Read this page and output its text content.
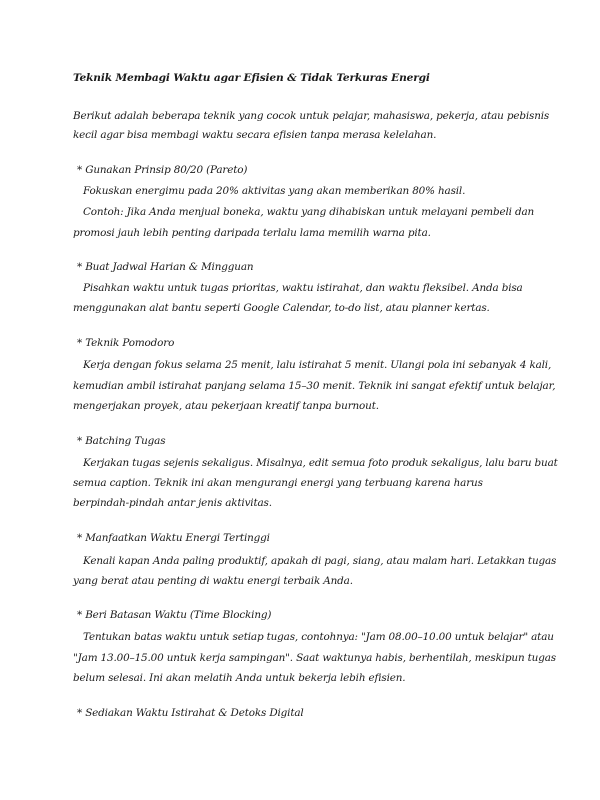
Teknik Membagi Waktu agar Efisien & Tidak Terkuras Energi
Berikut adalah beberapa teknik yang cocok untuk pelajar, mahasiswa, pekerja, atau pebisnis
kecil agar bisa membagi waktu secara efisien tanpa merasa kelelahan.
* Gunakan Prinsip 80/20 (Pareto)
Fokuskan energimu pada 20% aktivitas yang akan memberikan 80% hasil.
Contoh: Jika Anda menjual boneka, waktu yang dihabiskan untuk melayani pembeli dan
promosi jauh lebih penting daripada terlalu lama memilih warna pita.
* Buat Jadwal Harian & Mingguan
Pisahkan waktu untuk tugas prioritas, waktu istirahat, dan waktu fleksibel. Anda bisa
menggunakan alat bantu seperti Google Calendar, to-do list, atau planner kertas.
* Teknik Pomodoro
Kerja dengan fokus selama 25 menit, lalu istirahat 5 menit. Ulangi pola ini sebanyak 4 kali,
kemudian ambil istirahat panjang selama 15–30 menit. Teknik ini sangat efektif untuk belajar,
mengerjakan proyek, atau pekerjaan kreatif tanpa burnout.
* Batching Tugas
Kerjakan tugas sejenis sekaligus. Misalnya, edit semua foto produk sekaligus, lalu baru buat
semua caption. Teknik ini akan mengurangi energi yang terbuang karena harus
berpindah-pindah antar jenis aktivitas.
* Manfaatkan Waktu Energi Tertinggi
Kenali kapan Anda paling produktif, apakah di pagi, siang, atau malam hari. Letakkan tugas
yang berat atau penting di waktu energi terbaik Anda.
* Beri Batasan Waktu (Time Blocking)
Tentukan batas waktu untuk setiap tugas, contohnya: "Jam 08.00–10.00 untuk belajar" atau
"Jam 13.00–15.00 untuk kerja sampingan". Saat waktunya habis, berhentilah, meskipun tugas
belum selesai. Ini akan melatih Anda untuk bekerja lebih efisien.
* Sediakan Waktu Istirahat & Detoks Digital
